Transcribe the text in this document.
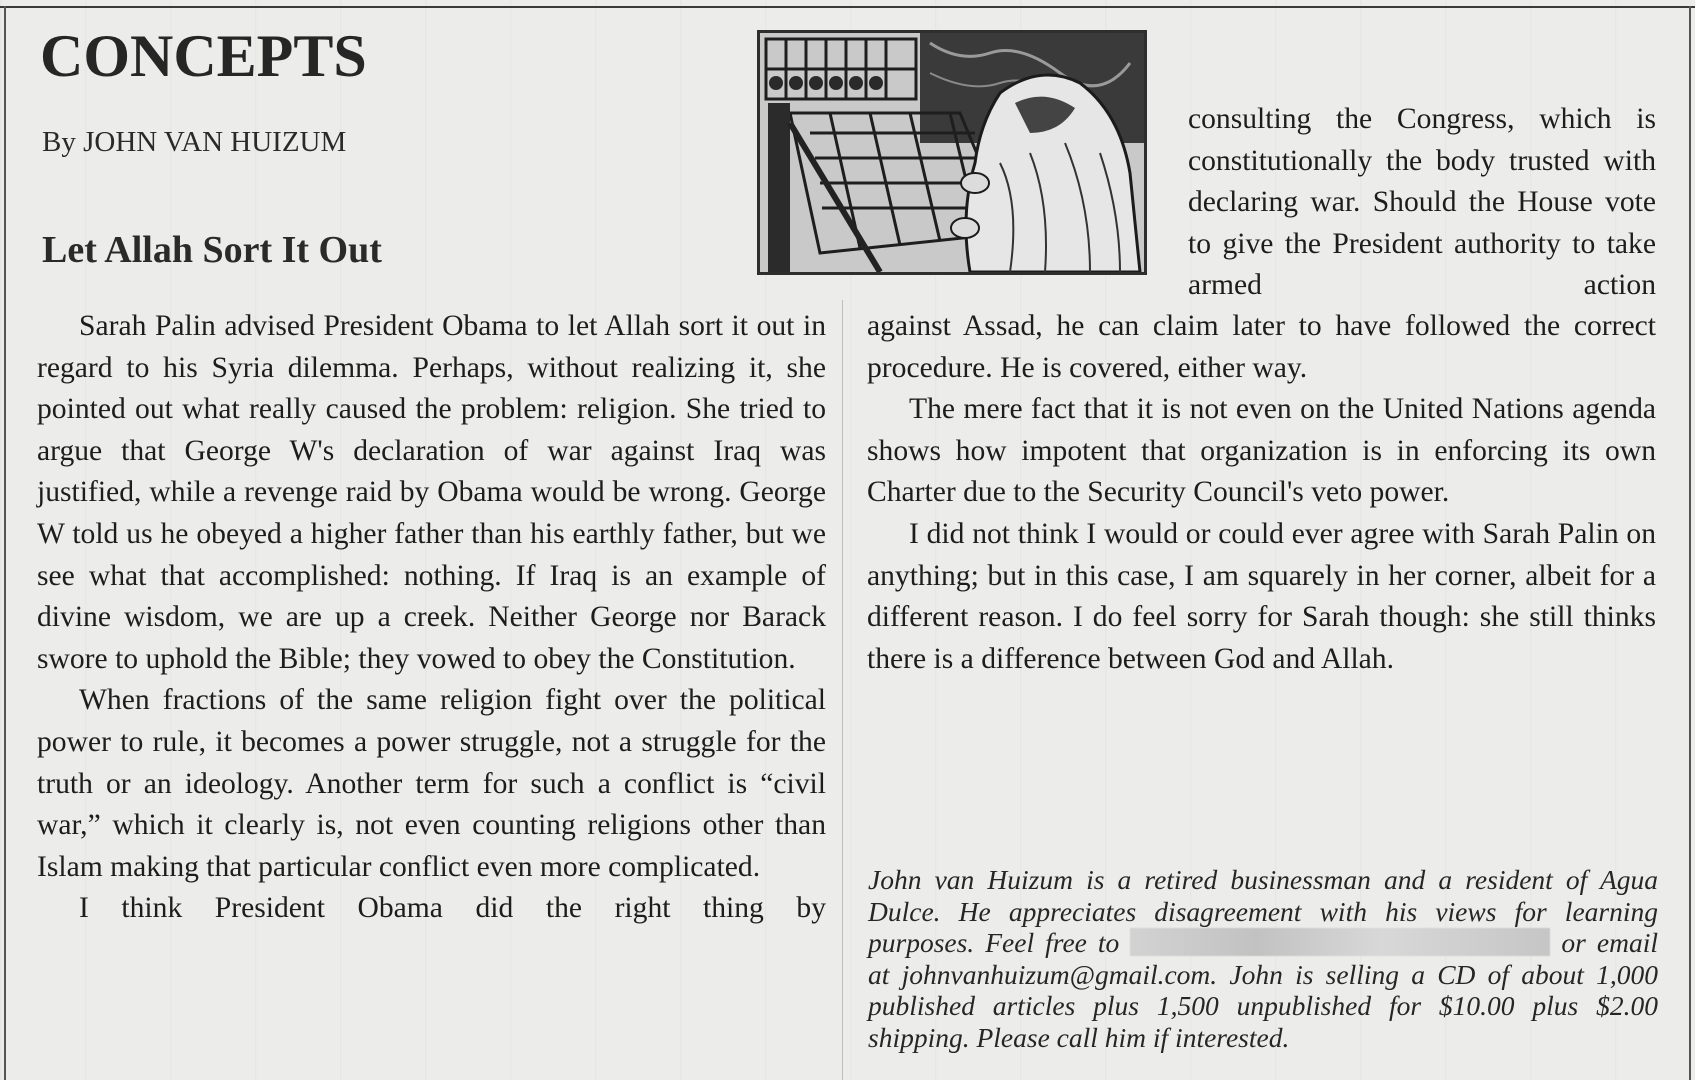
CONCEPTS
By JOHN VAN HUIZUM
Let Allah Sort It Out

Sarah Palin advised President Obama to let Allah sort it out in regard to his Syria dilemma. Perhaps, without realizing it, she pointed out what really caused the problem: religion. She tried to argue that George W's declaration of war against Iraq was justified, while a revenge raid by Obama would be wrong. George W told us he obeyed a higher father than his earthly father, but we see what that accomplished: nothing. If Iraq is an example of divine wisdom, we are up a creek. Neither George nor Barack swore to uphold the Bible; they vowed to obey the Constitution.

When fractions of the same religion fight over the political power to rule, it becomes a power struggle, not a struggle for the truth or an ideology. Another term for such a conflict is “civil war,” which it clearly is, not even counting religions other than Islam making that particular conflict even more complicated.

I think President Obama did the right thing by

consulting the Congress, which is constitutionally the body trusted with declaring war. Should the House vote to give the President authority to take armed action

against Assad, he can claim later to have followed the correct procedure. He is covered, either way.

The mere fact that it is not even on the United Nations agenda shows how impotent that organization is in enforcing its own Charter due to the Security Council's veto power.

I did not think I would or could ever agree with Sarah Palin on anything; but in this case, I am squarely in her corner, albeit for a different reason. I do feel sorry for Sarah though: she still thinks there is a difference between God and Allah.

John van Huizum is a retired businessman and a resident of Agua Dulce. He appreciates disagreement with his views for learning purposes. Feel free to	or email at johnvanhuizum@gmail.com. John is selling a CD of about 1,000 published articles plus 1,500 unpublished for $10.00 plus $2.00 shipping. Please call him if interested.
